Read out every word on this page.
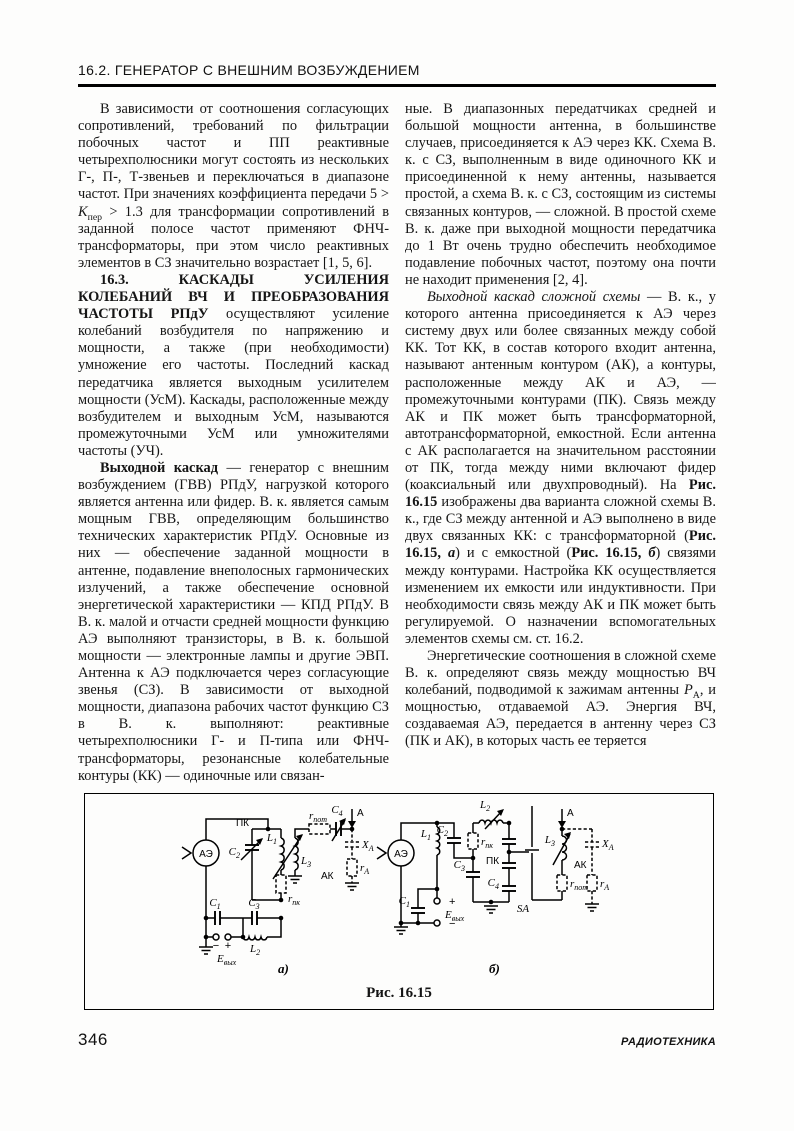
16.2. ГЕНЕРАТОР С ВНЕШНИМ ВОЗБУЖДЕНИЕМ

В зависимости от соотношения согласующих сопротивлений, требований по фильтрации побочных частот и ПП реактивные четырехполюсники могут состоять из нескольких Г-, П-, Т-звеньев и переключаться в диапазоне частот. При значениях коэффициента передачи $5 > K_{пер} > 1.3$ для трансформации сопротивлений в заданной полосе частот применяют ФНЧ-трансформаторы, при этом число реактивных элементов в СЗ значительно возрастает [1, 5, 6].

16.3. КАСКАДЫ УСИЛЕНИЯ КОЛЕБАНИЙ ВЧ И ПРЕОБРАЗОВАНИЯ ЧАСТОТЫ РПдУ осуществляют усиление колебаний возбудителя по напряжению и мощности, а также (при необходимости) умножение его частоты. Последний каскад передатчика является выходным усилителем мощности (УсМ). Каскады, расположенные между возбудителем и выходным УсМ, называются промежуточными УсМ или умножителями частоты (УЧ).

Выходной каскад — генератор с внешним возбуждением (ГВВ) РПдУ, нагрузкой которого является антенна или фидер. В. к. является самым мощным ГВВ, определяющим большинство технических характеристик РПдУ. Основные из них — обеспечение заданной мощности в антенне, подавление внеполосных гармонических излучений, а также обеспечение основной энергетической характеристики — КПД РПдУ. В В. к. малой и отчасти средней мощности функцию АЭ выполняют транзисторы, в В. к. большой мощности — электронные лампы и другие ЭВП. Антенна к АЭ подключается через согласующие звенья (СЗ). В зависимости от выходной мощности, диапазона рабочих частот функцию СЗ в В. к. выполняют: реактивные четырехполюсники Г- и П-типа или ФНЧ-трансформаторы, резонансные колебательные контуры (КК) — одиночные или связан-

ные. В диапазонных передатчиках средней и большой мощности антенна, в большинстве случаев, присоединяется к АЭ через КК. Схема В. к. с СЗ, выполненным в виде одиночного КК и присоединенной к нему антенны, называется простой, а схема В. к. с СЗ, состоящим из системы связанных контуров, — сложной. В простой схеме В. к. даже при выходной мощности передатчика до 1 Вт очень трудно обеспечить необходимое подавление побочных частот, поэтому она почти не находит применения [2, 4].

Выходной каскад сложной схемы — В. к., у которого антенна присоединяется к АЭ через систему двух или более связанных между собой КК. Тот КК, в состав которого входит антенна, называют антенным контуром (АК), а контуры, расположенные между АК и АЭ, — промежуточными контурами (ПК). Связь между АК и ПК может быть трансформаторной, автотрансформаторной, емкостной. Если антенна с АК располагается на значительном расстоянии от ПК, тогда между ними включают фидер (коаксиальный или двухпроводный). На Рис. 16.15 изображены два варианта сложной схемы В. к., где СЗ между антенной и АЭ выполнено в виде двух связанных КК: с трансформаторной (Рис. 16.15, а) и с емкостной (Рис. 16.15, б) связями между контурами. Настройка КК осуществляется изменением их емкости или индуктивности. При необходимости связь между АК и ПК может быть регулируемой. О назначении вспомогательных элементов схемы см. ст. 16.2.

Энергетические соотношения в сложной схеме В. к. определяют связь между мощностью ВЧ колебаний, подводимой к зажимам антенны $P_А$, и мощностью, отдаваемой АЭ. Энергия ВЧ, создаваемая АЭ, передается в антенну через СЗ (ПК и АК), в которых часть ее теряется

АЭ
ПК
$C_2$
$L_1$
$r_{пк}$
$L_3$
$r_{пот}$
$C_4$ A
$X_А$
$r_А$
АК
$C_1$	$C_3$
− + $L_2$
$E_{вых}$	а)
АЭ
$L_1$
$C_2$
$r_{пк}$
$L_2$
ПК
$C_3$
$C_4$
SA
A
$L_3$
$r_{пот}$
АК
$X_А$
$r_А$
−
$C_1$	+
$E_{вых}$
б)
Рис. 16.15
346	РАДИОТЕХНИКА
